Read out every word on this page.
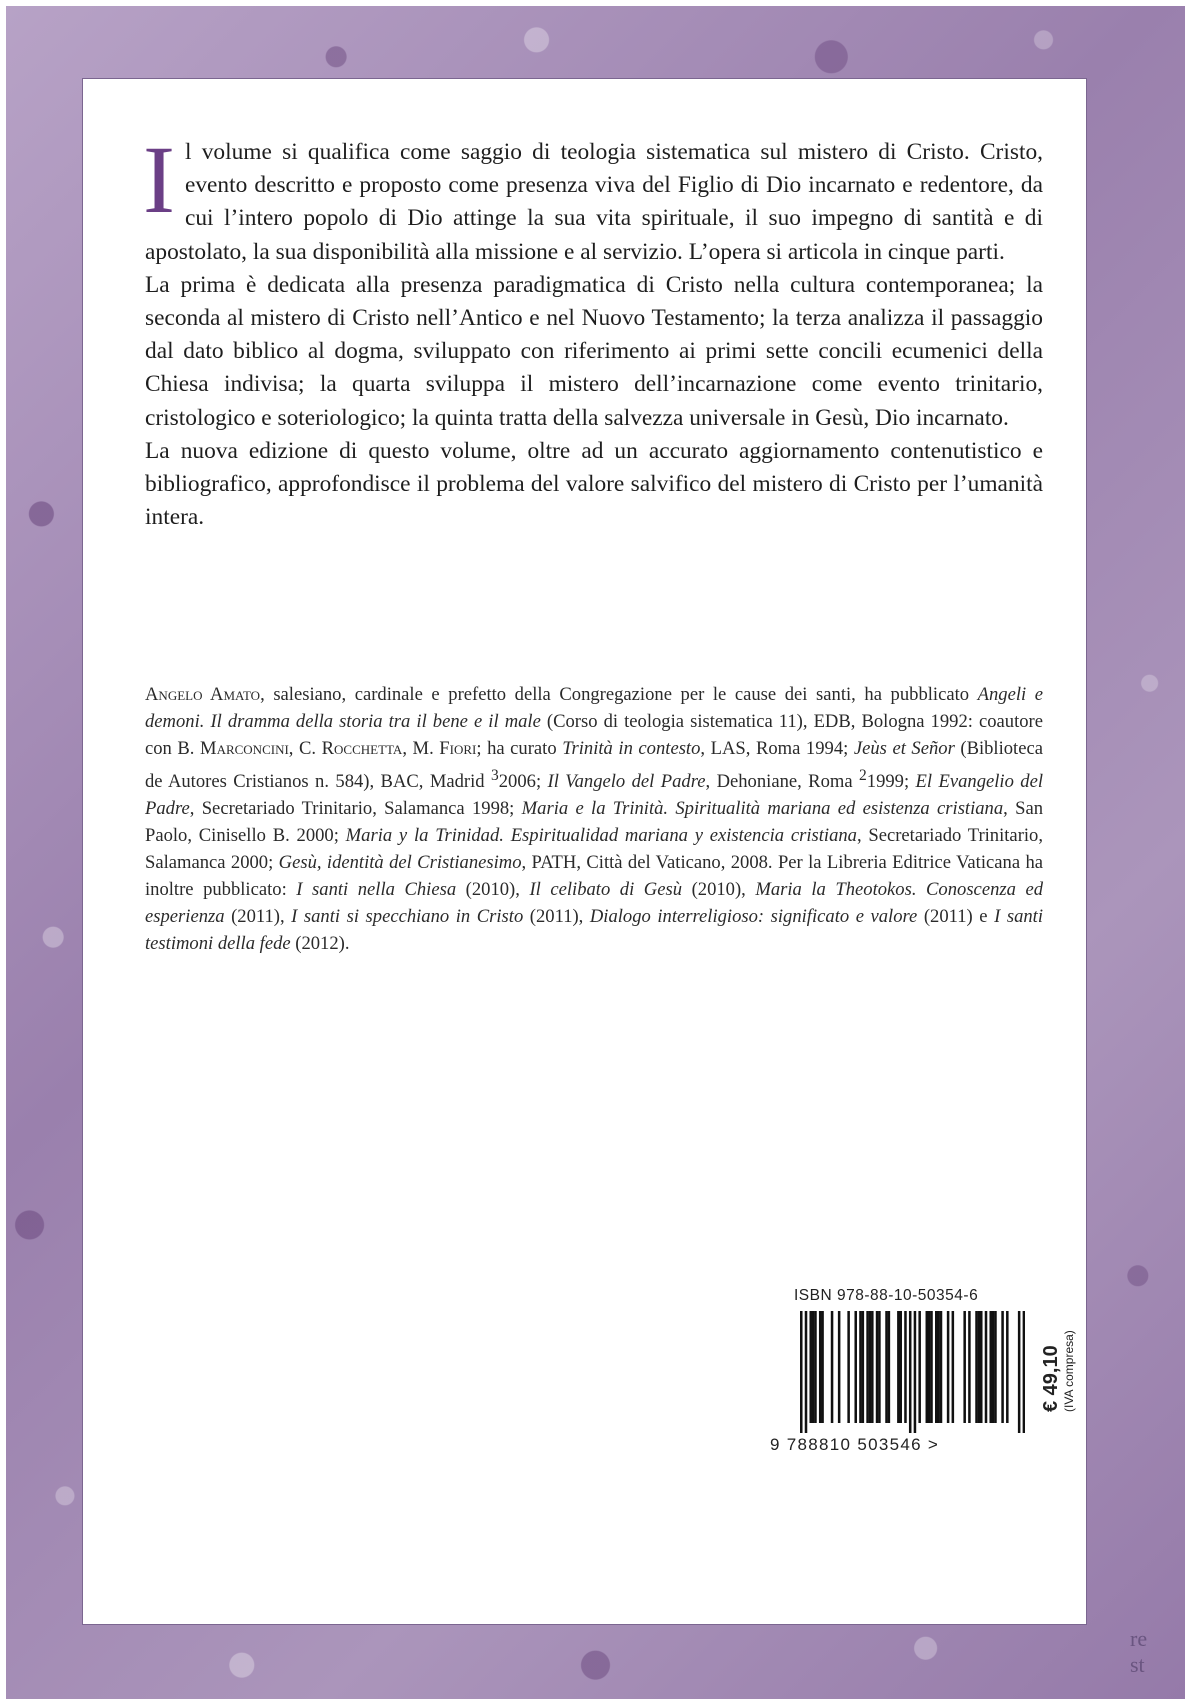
Il volume si qualifica come saggio di teologia sistematica sul mistero di Cristo. Cristo, evento descritto e proposto come presenza viva del Figlio di Dio incarnato e redentore, da cui l’intero popolo di Dio attinge la sua vita spirituale, il suo impegno di santità e di apostolato, la sua disponibilità alla missione e al servizio. L’opera si articola in cinque parti.

La prima è dedicata alla presenza paradigmatica di Cristo nella cultura contemporanea; la seconda al mistero di Cristo nell’Antico e nel Nuovo Testamento; la terza analizza il passaggio dal dato biblico al dogma, sviluppato con riferimento ai primi sette concili ecumenici della Chiesa indivisa; la quarta sviluppa il mistero dell’incarnazione come evento trinitario, cristologico e soteriologico; la quinta tratta della salvezza universale in Gesù, Dio incarnato.

La nuova edizione di questo volume, oltre ad un accurato aggiornamento contenutistico e bibliografico, approfondisce il problema del valore salvifico del mistero di Cristo per l’umanità intera.

Angelo Amato, salesiano, cardinale e prefetto della Congregazione per le cause dei santi, ha pubblicato Angeli e demoni. Il dramma della storia tra il bene e il male (Corso di teologia sistematica 11), EDB, Bologna 1992: coautore con B. Marconcini, C. Rocchetta, M. Fiori; ha curato Trinità in contesto, LAS, Roma 1994; Jeùs et Señor (Biblioteca de Autores Cristianos n. 584), BAC, Madrid $^3$2006; Il Vangelo del Padre, Dehoniane, Roma $^2$1999; El Evangelio del Padre, Secretariado Trinitario, Salamanca 1998; Maria e la Trinità. Spiritualità mariana ed esistenza cristiana, San Paolo, Cinisello B. 2000; Maria y la Trinidad. Espiritualidad mariana y existencia cristiana, Secretariado Trinitario, Salamanca 2000; Gesù, identità del Cristianesimo, PATH, Città del Vaticano, 2008. Per la Libreria Editrice Vaticana ha inoltre pubblicato: I santi nella Chiesa (2010), Il celibato di Gesù (2010), Maria la Theotokos. Conoscenza ed esperienza (2011), I santi si specchiano in Cristo (2011), Dialogo interreligioso: significato e valore (2011) e I santi testimoni della fede (2012).

ISBN 978-88-10-50354-6
9 788810 503546 >
€ 49,10 (IVA compresa)
re
st
